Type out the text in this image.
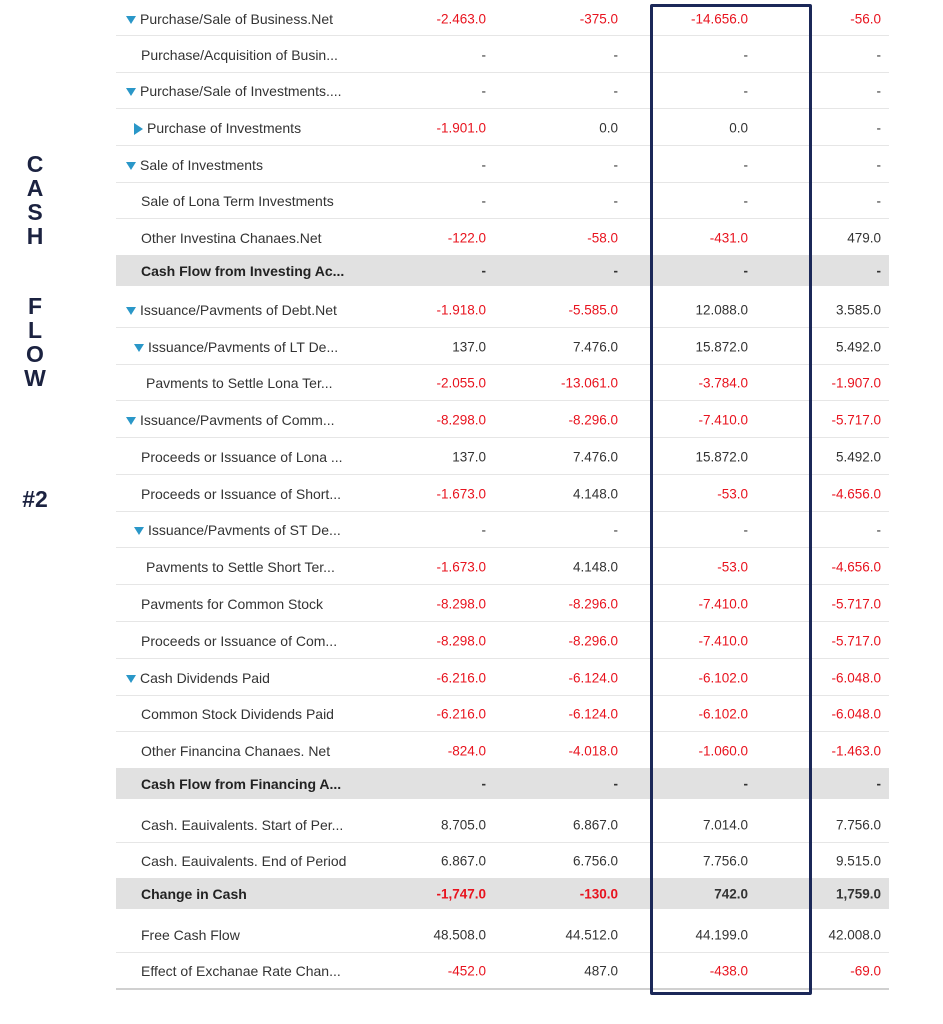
C
A
S
H
F
L
O
W
#2
Purchase/Sale of Business.Net	-2.463.0	-375.0	-14.656.0	-56.0
Purchase/Acquisition of Busin...	-	-	-	-
Purchase/Sale of Investments....	-	-	-	-
Purchase of Investments	-1.901.0	0.0	0.0	-
Sale of Investments	-	-	-	-
Sale of Lona Term Investments	-	-	-	-
Other Investina Chanaes.Net	-122.0	-58.0	-431.0	479.0
Cash Flow from Investing Ac...	-	-	-	-
Issuance/Pavments of Debt.Net	-1.918.0	-5.585.0	12.088.0	3.585.0
Issuance/Pavments of LT De...	137.0	7.476.0	15.872.0	5.492.0
Pavments to Settle Lona Ter...	-2.055.0	-13.061.0	-3.784.0	-1.907.0
Issuance/Pavments of Comm...	-8.298.0	-8.296.0	-7.410.0	-5.717.0
Proceeds or Issuance of Lona ...	137.0	7.476.0	15.872.0	5.492.0
Proceeds or Issuance of Short...	-1.673.0	4.148.0	-53.0	-4.656.0
Issuance/Pavments of ST De...	-	-	-	-
Pavments to Settle Short Ter...	-1.673.0	4.148.0	-53.0	-4.656.0
Pavments for Common Stock	-8.298.0	-8.296.0	-7.410.0	-5.717.0
Proceeds or Issuance of Com...	-8.298.0	-8.296.0	-7.410.0	-5.717.0
Cash Dividends Paid	-6.216.0	-6.124.0	-6.102.0	-6.048.0
Common Stock Dividends Paid	-6.216.0	-6.124.0	-6.102.0	-6.048.0
Other Financina Chanaes. Net	-824.0	-4.018.0	-1.060.0	-1.463.0
Cash Flow from Financing A...	-	-	-	-
Cash. Eauivalents. Start of Per...	8.705.0	6.867.0	7.014.0	7.756.0
Cash. Eauivalents. End of Period	6.867.0	6.756.0	7.756.0	9.515.0
Change in Cash	-1,747.0	-130.0	742.0	1,759.0
Free Cash Flow	48.508.0	44.512.0	44.199.0	42.008.0
Effect of Exchanae Rate Chan...	-452.0	487.0	-438.0	-69.0
